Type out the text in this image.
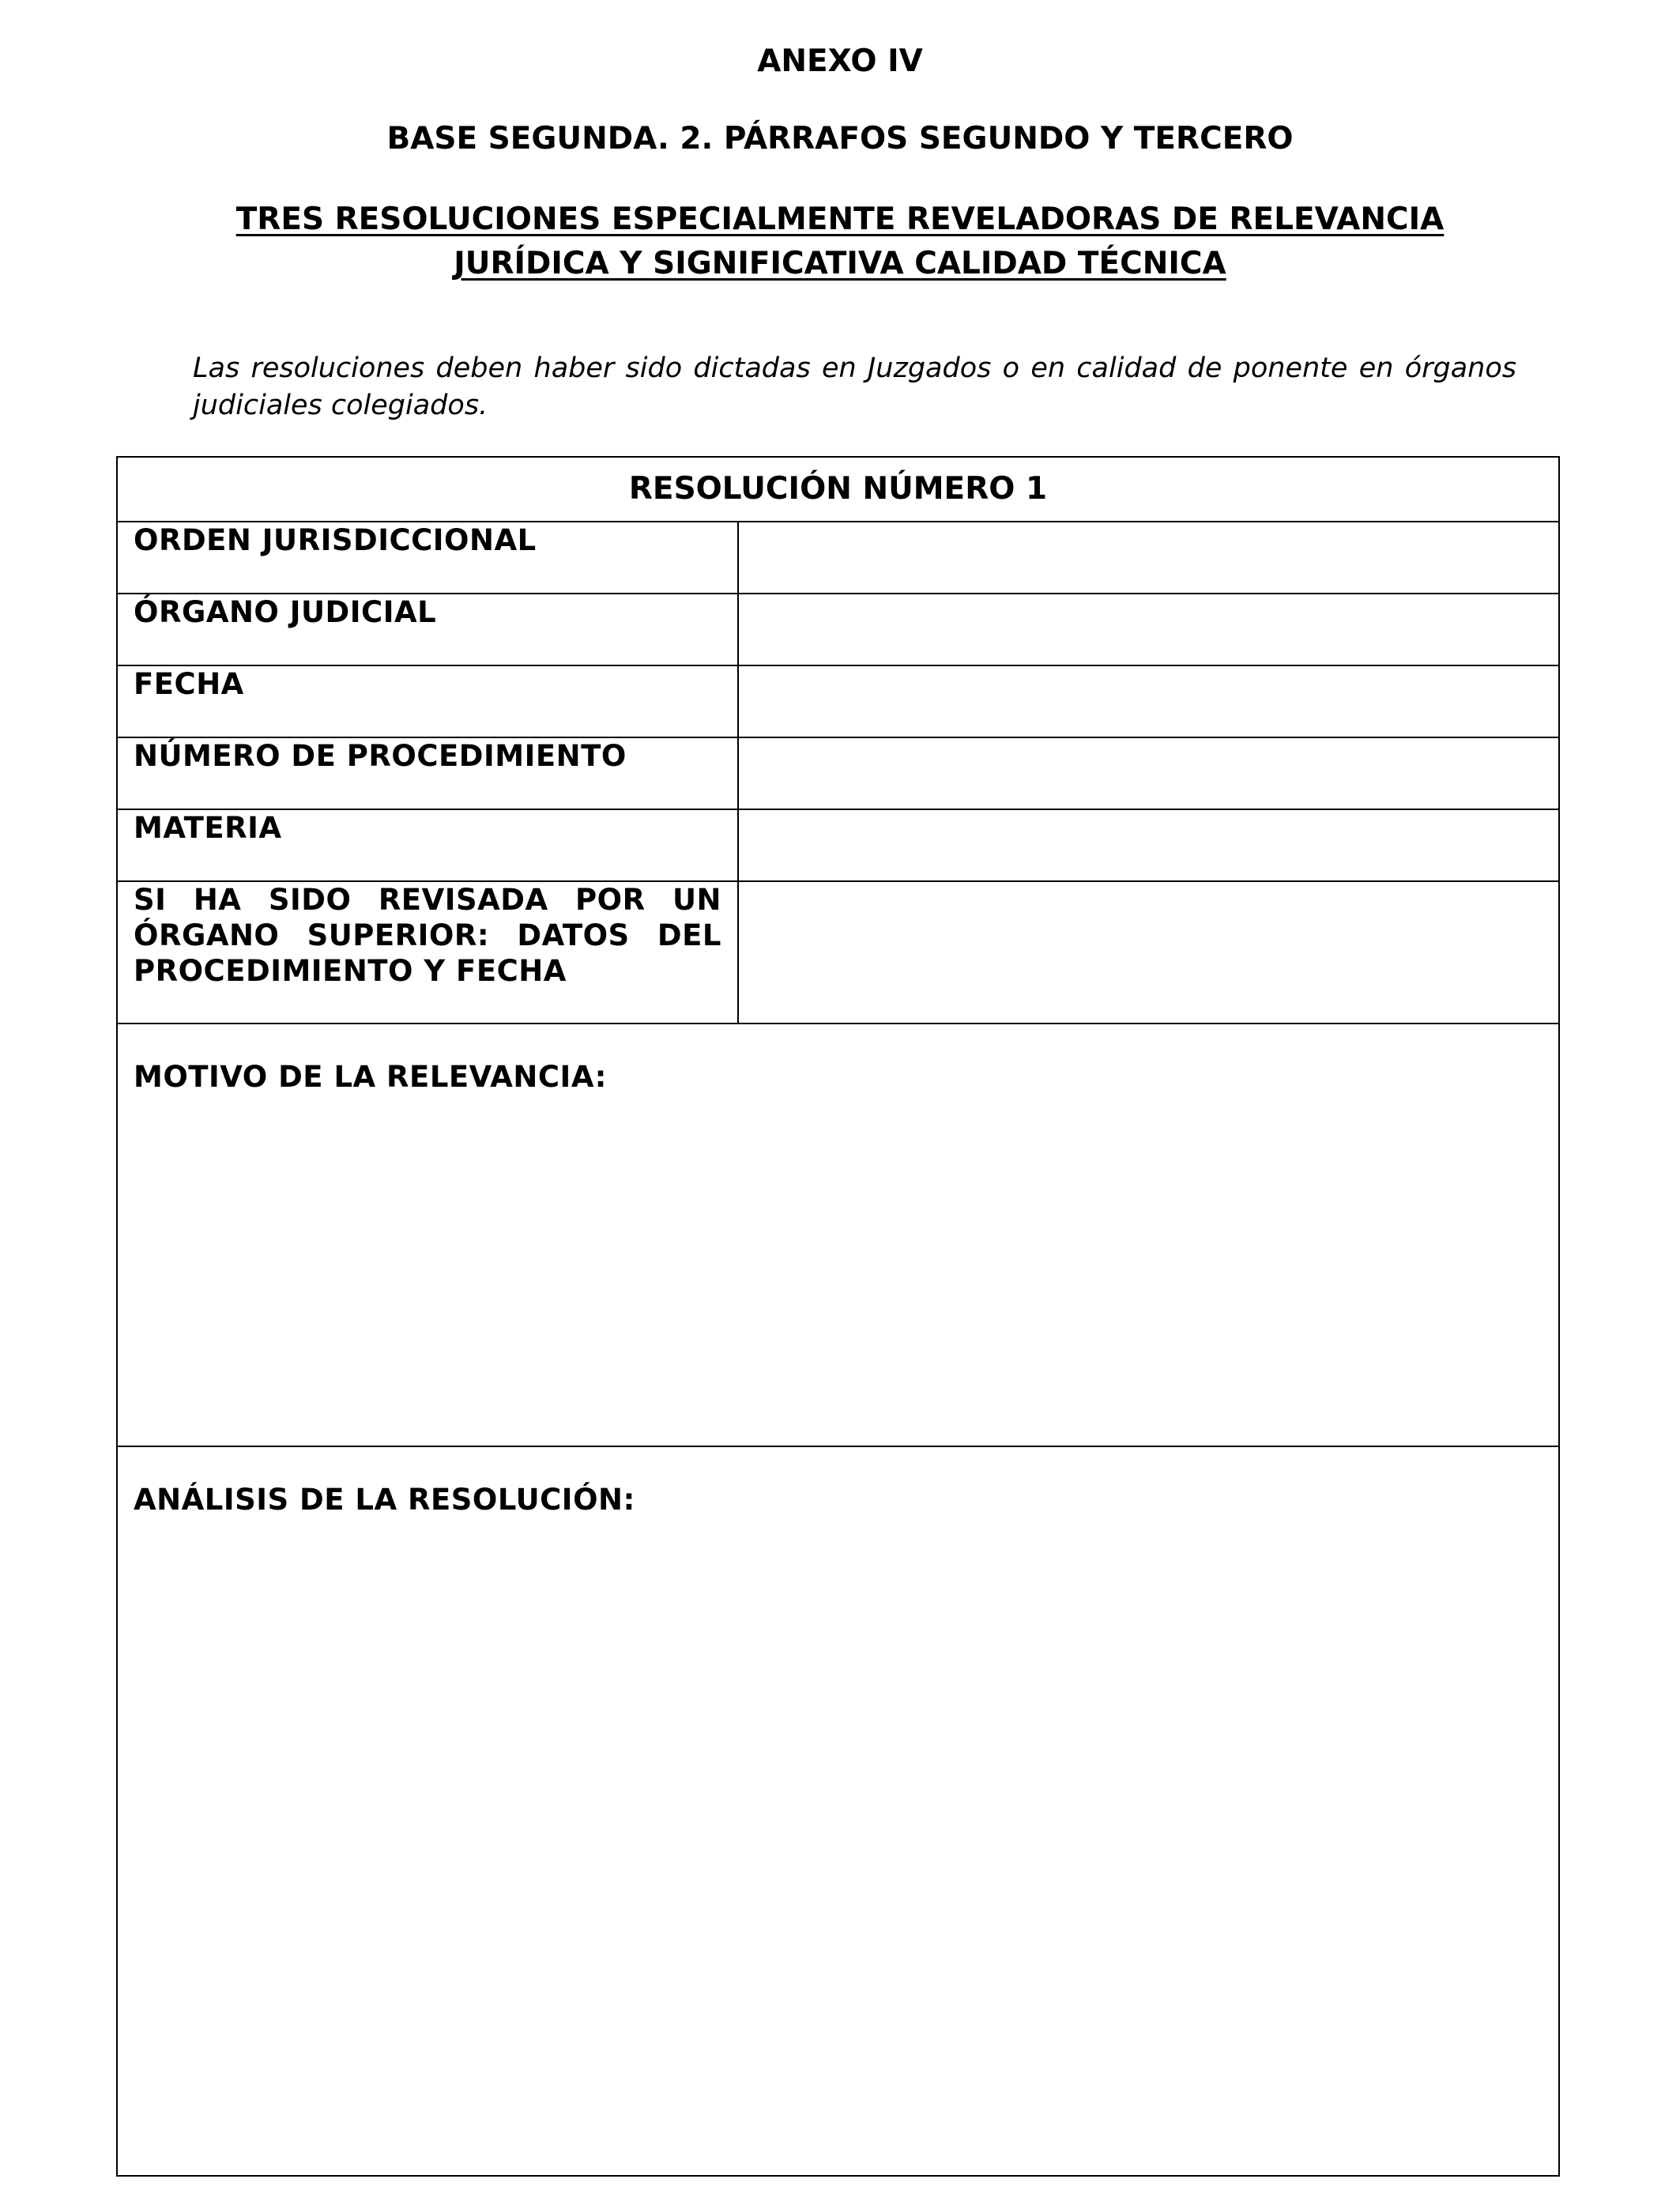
ANEXO IV
BASE SEGUNDA. 2. PÁRRAFOS SEGUNDO Y TERCERO
TRES RESOLUCIONES ESPECIALMENTE REVELADORAS DE RELEVANCIA
JURÍDICA Y SIGNIFICATIVA CALIDAD TÉCNICA

Las resoluciones deben haber sido dictadas en Juzgados o en calidad de ponente en órganos judiciales colegiados.

RESOLUCIÓN NÚMERO 1
ORDEN JURISDICCIONAL
ÓRGANO JUDICIAL
FECHA
NÚMERO DE PROCEDIMIENTO
MATERIA
SI HA SIDO REVISADA POR UN ÓRGANO SUPERIOR: DATOS DEL PROCEDIMIENTO Y FECHA
MOTIVO DE LA RELEVANCIA:
ANÁLISIS DE LA RESOLUCIÓN:
